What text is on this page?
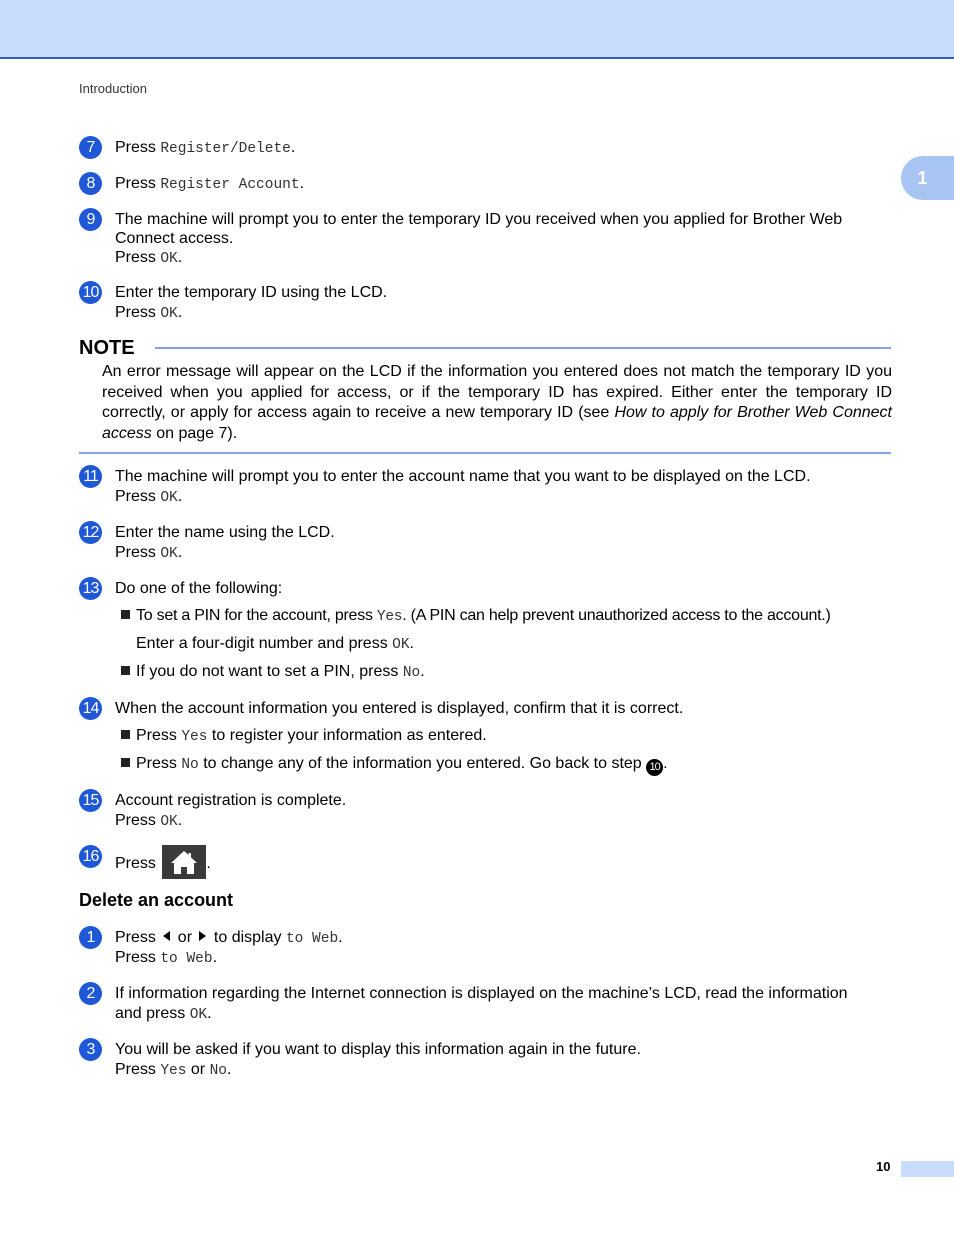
Introduction
1
7	Press Register/Delete.
8	Press Register Account.
9	The machine will prompt you to enter the temporary ID you received when you applied for Brother Web
Connect access.
Press OK.
10 Enter the temporary ID using the LCD.
Press OK.
NOTE
An error message will appear on the LCD if the information you entered does not match the temporary ID you received when you applied for access, or if the temporary ID has expired. Either enter the temporary ID correctly, or apply for access again to receive a new temporary ID (see How to apply for Brother Web Connect access on page 7).
11 The machine will prompt you to enter the account name that you want to be displayed on the LCD.
Press OK.
12 Enter the name using the LCD.
Press OK.
13 Do one of the following:
To set a PIN for the account, press Yes. (A PIN can help prevent unauthorized access to the account.)
Enter a four-digit number and press OK.
If you do not want to set a PIN, press No.
14 When the account information you entered is displayed, confirm that it is correct.
Press Yes to register your information as entered.
Press No to change any of the information you entered. Go back to step 10 .
15 Account registration is complete.
Press OK.
16 Press	.
Delete an account
1	Press  or  to display to Web.
Press to Web.
2	If information regarding the Internet connection is displayed on the machine’s LCD, read the information
and press OK.
3	You will be asked if you want to display this information again in the future.
Press Yes or No.
10
